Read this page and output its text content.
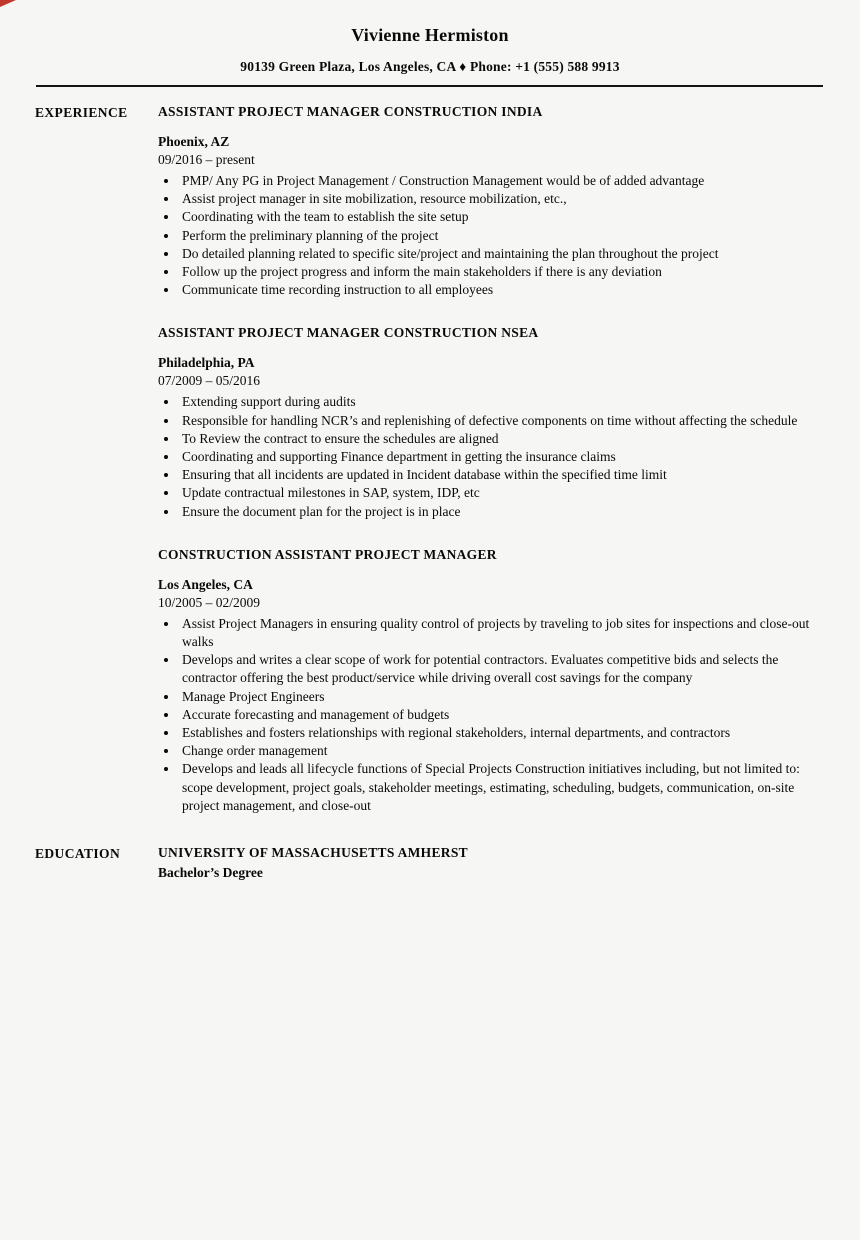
Vivienne Hermiston
90139 Green Plaza, Los Angeles, CA ♦ Phone: +1 (555) 588 9913
EXPERIENCE	ASSISTANT PROJECT MANAGER CONSTRUCTION INDIA
Phoenix, AZ
09/2016 – present
• PMP/ Any PG in Project Management / Construction Management would be of added advantage
• Assist project manager in site mobilization, resource mobilization, etc.,
• Coordinating with the team to establish the site setup
• Perform the preliminary planning of the project
• Do detailed planning related to specific site/project and maintaining the plan throughout the project
• Follow up the project progress and inform the main stakeholders if there is any deviation
• Communicate time recording instruction to all employees
ASSISTANT PROJECT MANAGER CONSTRUCTION NSEA
Philadelphia, PA
07/2009 – 05/2016
• Extending support during audits
• Responsible for handling NCR’s and replenishing of defective components on time without affecting the schedule
• To Review the contract to ensure the schedules are aligned
• Coordinating and supporting Finance department in getting the insurance claims
• Ensuring that all incidents are updated in Incident database within the specified time limit
• Update contractual milestones in SAP, system, IDP, etc
• Ensure the document plan for the project is in place
CONSTRUCTION ASSISTANT PROJECT MANAGER
Los Angeles, CA
10/2005 – 02/2009
• Assist Project Managers in ensuring quality control of projects by traveling to job sites for inspections and close-out walks
• Develops and writes a clear scope of work for potential contractors. Evaluates competitive bids and selects the contractor offering the best product/service while driving overall cost savings for the company
• Manage Project Engineers
• Accurate forecasting and management of budgets
• Establishes and fosters relationships with regional stakeholders, internal departments, and contractors
• Change order management
• Develops and leads all lifecycle functions of Special Projects Construction initiatives including, but not limited to: scope development, project goals, stakeholder meetings, estimating, scheduling, budgets, communication, on-site project management, and close-out
EDUCATION	UNIVERSITY OF MASSACHUSETTS AMHERST
Bachelor’s Degree
